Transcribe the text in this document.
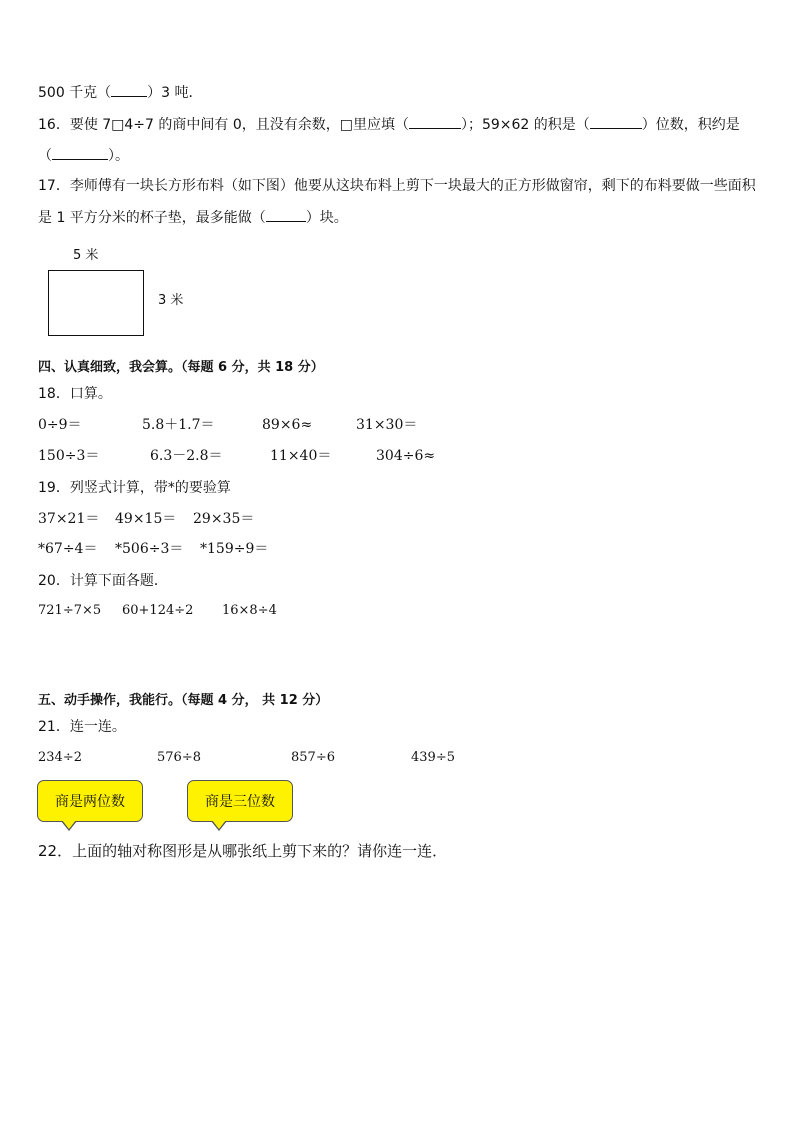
500 千克（	）3 吨．
16．要使 7□4÷7 的商中间有 0，且没有余数，□里应填（	）；59×62 的积是（	）位数，积约是
（	）。
17．李师傅有一块长方形布料（如下图）他要从这块布料上剪下一块最大的正方形做窗帘，剩下的布料要做一些面积
是 1 平方分米的杯子垫，最多能做（	）块。
5 米
3 米
四、认真细致，我会算。（每题 6 分，共 18 分）
18．口算。
0÷9＝	5.8＋1.7＝	89×6≈	31×30＝
150÷3＝	6.3－2.8＝	11×40＝	304÷6≈
19．列竖式计算，带*的要验算
37×21＝ 49×15＝ 29×35＝
*67÷4＝ *506÷3＝ *159÷9＝
20．计算下面各题．
721÷7×5 60+124÷2 16×8÷4
五、动手操作，我能行。（每题 4 分， 共 12 分）
21．连一连。
234÷2	576÷8	857÷6	439÷5
商是两位数	商是三位数
22．上面的轴对称图形是从哪张纸上剪下来的？请你连一连．
